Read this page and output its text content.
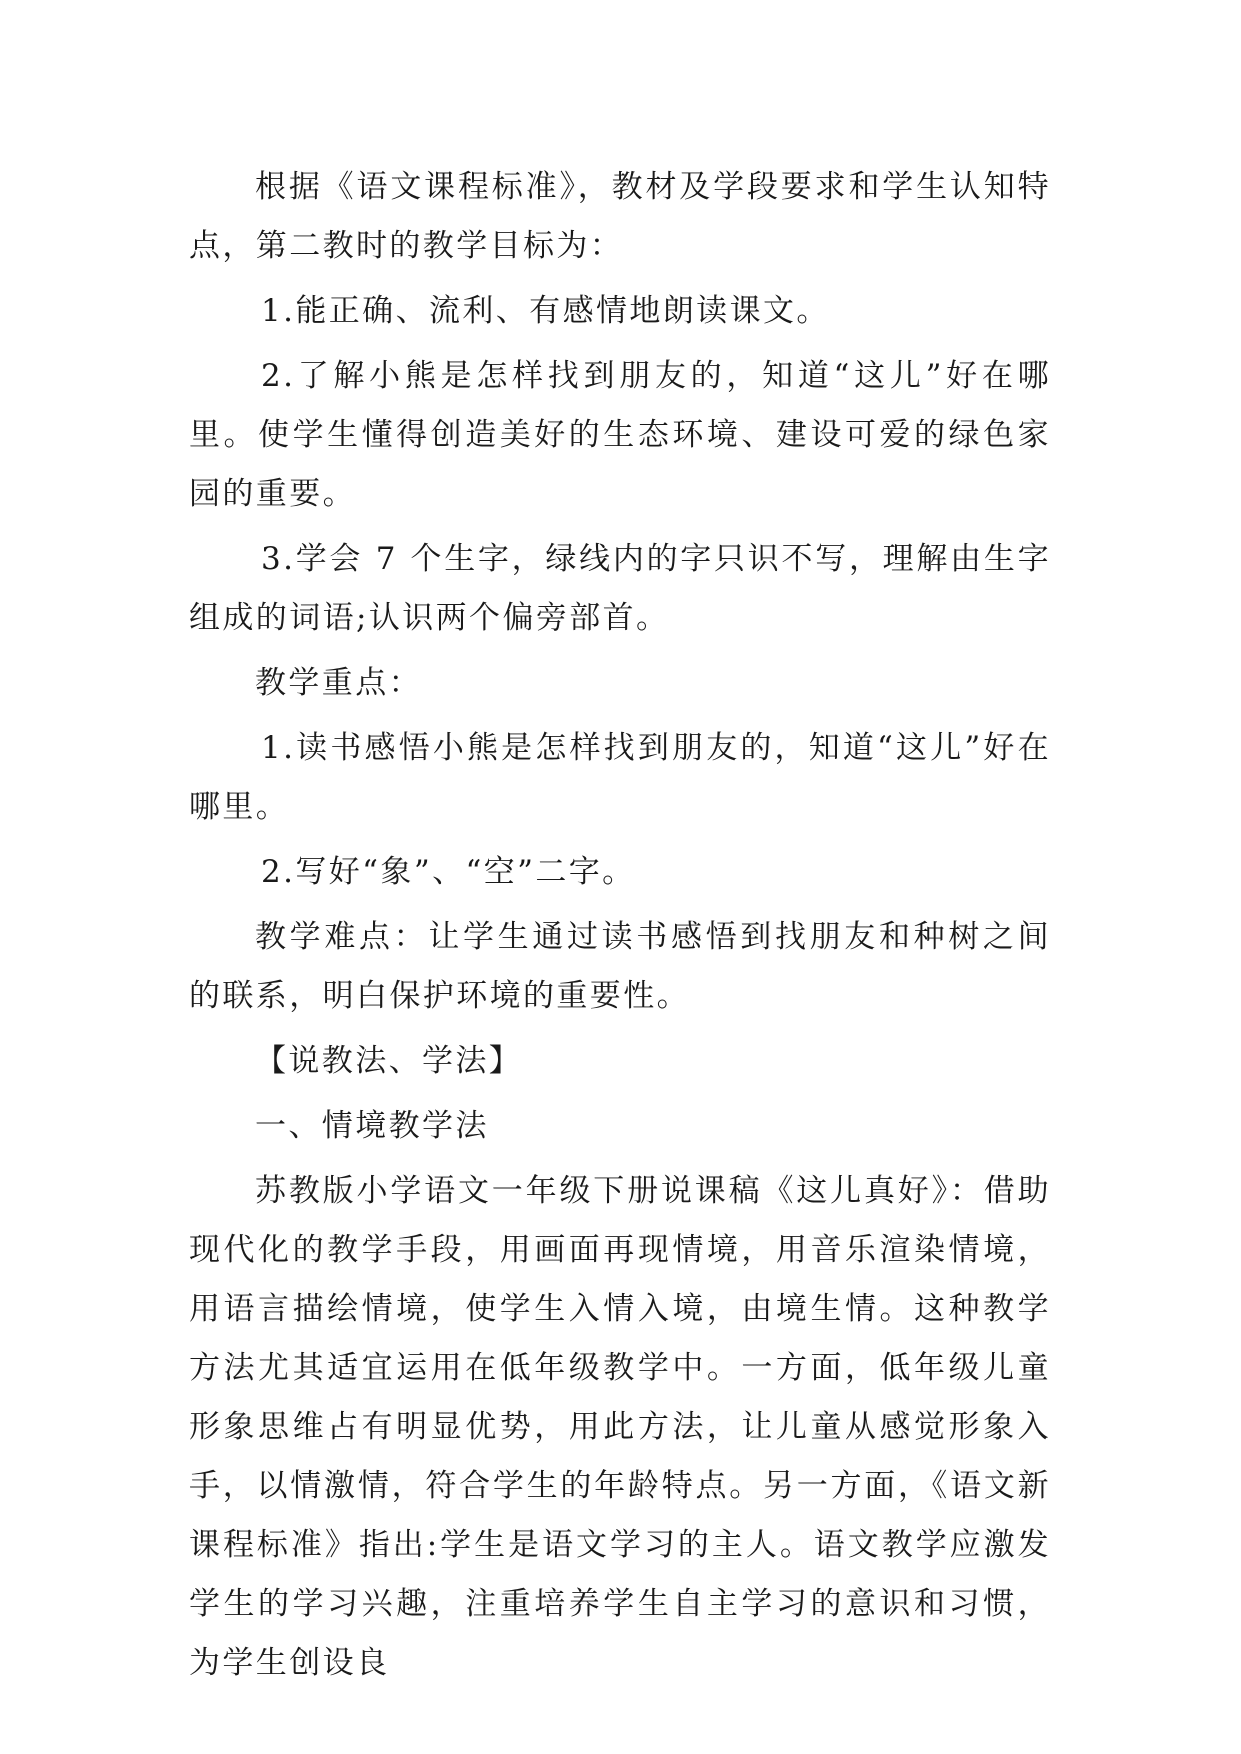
根据《语文课程标准》，教材及学段要求和学生认知特点，第二教时的教学目标为：

1.能正确、流利、有感情地朗读课文。

2.了解小熊是怎样找到朋友的，知道“这儿”好在哪里。使学生懂得创造美好的生态环境、建设可爱的绿色家园的重要。

3.学会 7 个生字，绿线内的字只识不写，理解由生字组成的词语;认识两个偏旁部首。

教学重点：

1.读书感悟小熊是怎样找到朋友的，知道“这儿”好在哪里。

2.写好“象”、“空”二字。

教学难点：让学生通过读书感悟到找朋友和种树之间的联系，明白保护环境的重要性。

【说教法、学法】

一、情境教学法

苏教版小学语文一年级下册说课稿《这儿真好》：借助现代化的教学手段，用画面再现情境，用音乐渲染情境，用语言描绘情境，使学生入情入境，由境生情。这种教学方法尤其适宜运用在低年级教学中。一方面，低年级儿童形象思维占有明显优势，用此方法，让儿童从感觉形象入手，以情激情，符合学生的年龄特点。另一方面，《语文新课程标准》指出:学生是语文学习的主人。语文教学应激发学生的学习兴趣，注重培养学生自主学习的意识和习惯，为学生创设良
